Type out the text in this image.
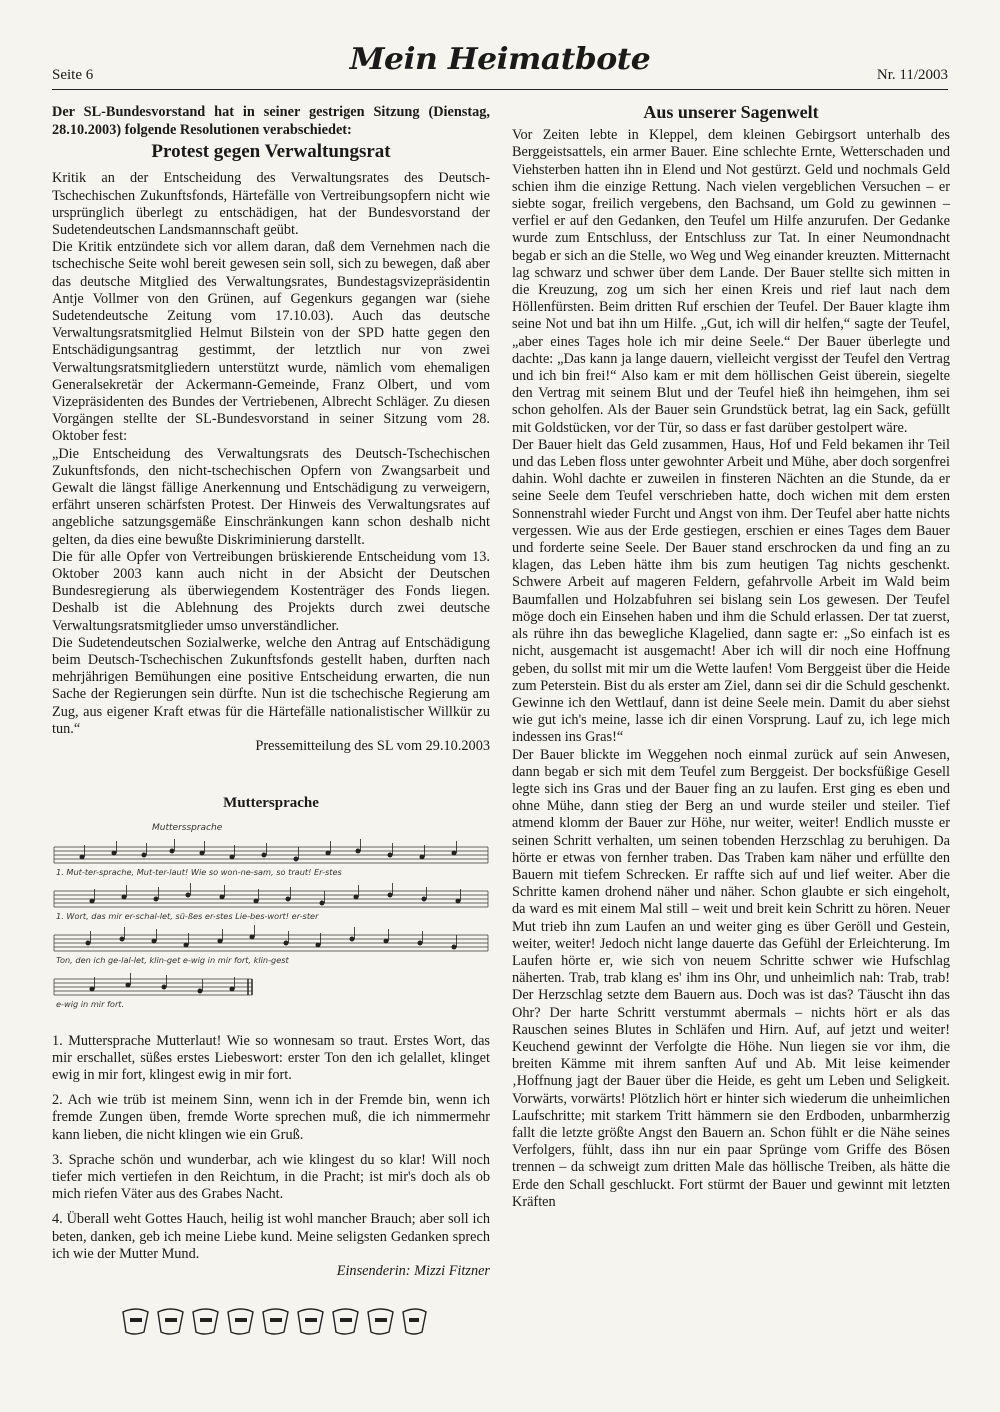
Seite 6	Mein Heimatbote	Nr. 11/2003

Der SL-Bundesvorstand hat in seiner gestrigen Sitzung (Dienstag, 28.10.2003) folgende Resolutionen verabschiedet:

Protest gegen Verwaltungsrat

Kritik an der Entscheidung des Verwaltungsrates des Deutsch-Tschechischen Zukunftsfonds, Härtefälle von Vertreibungsopfern nicht wie ursprünglich überlegt zu entschädigen, hat der Bundesvorstand der Sudetendeutschen Landsmannschaft geübt.

Die Kritik entzündete sich vor allem daran, daß dem Vernehmen nach die tschechische Seite wohl bereit gewesen sein soll, sich zu bewegen, daß aber das deutsche Mitglied des Verwaltungsrates, Bundestagsvizepräsidentin Antje Vollmer von den Grünen, auf Gegenkurs gegangen war (siehe Sudetendeutsche Zeitung vom 17.10.03). Auch das deutsche Verwaltungsratsmitglied Helmut Bilstein von der SPD hatte gegen den Entschädigungsantrag gestimmt, der letztlich nur von zwei Verwaltungsratsmitgliedern unterstützt wurde, nämlich vom ehemaligen Generalsekretär der Ackermann-Gemeinde, Franz Olbert, und vom Vizepräsidenten des Bundes der Vertriebenen, Albrecht Schläger. Zu diesen Vorgängen stellte der SL-Bundesvorstand in seiner Sitzung vom 28. Oktober fest:

„Die Entscheidung des Verwaltungsrats des Deutsch-Tschechischen Zukunftsfonds, den nicht-tschechischen Opfern von Zwangsarbeit und Gewalt die längst fällige Anerkennung und Entschädigung zu verweigern, erfährt unseren schärfsten Protest. Der Hinweis des Verwaltungsrates auf angebliche satzungsgemäße Einschränkungen kann schon deshalb nicht gelten, da dies eine bewußte Diskriminierung darstellt.

Die für alle Opfer von Vertreibungen brüskierende Entscheidung vom 13. Oktober 2003 kann auch nicht in der Absicht der Deutschen Bundesregierung als überwiegendem Kostenträger des Fonds liegen. Deshalb ist die Ablehnung des Projekts durch zwei deutsche Verwaltungsratsmitglieder umso unverständlicher.

Die Sudetendeutschen Sozialwerke, welche den Antrag auf Entschädigung beim Deutsch-Tschechischen Zukunftsfonds gestellt haben, durften nach mehrjährigen Bemühungen eine positive Entscheidung erwarten, die nun Sache der Regierungen sein dürfte. Nun ist die tschechische Regierung am Zug, aus eigener Kraft etwas für die Härtefälle nationalistischer Willkür zu tun.“

Pressemitteilung des SL vom 29.10.2003

Muttersprache
Mutterssprache
1. Mut-ter-sprache, Mut-ter-laut! Wie so won-ne-sam, so traut! Er-stes
1. Wort, das mir er-schal-let, sü-ßes er-stes Lie-bes-wort! er-ster
Ton, den ich ge-lal-let, klin-get e-wig in mir fort, klin-gest
e-wig in mir fort.

1. Muttersprache Mutterlaut! Wie so wonnesam so traut. Erstes Wort, das mir erschallet, süßes erstes Liebeswort: erster Ton den ich gelallet, klinget ewig in mir fort, klingest ewig in mir fort.

2. Ach wie trüb ist meinem Sinn, wenn ich in der Fremde bin, wenn ich fremde Zungen üben, fremde Worte sprechen muß, die ich nimmermehr kann lieben, die nicht klingen wie ein Gruß.

3. Sprache schön und wunderbar, ach wie klingest du so klar! Will noch tiefer mich vertiefen in den Reichtum, in die Pracht; ist mir's doch als ob mich riefen Väter aus des Grabes Nacht.

4. Überall weht Gottes Hauch, heilig ist wohl mancher Brauch; aber soll ich beten, danken, geb ich meine Liebe kund. Meine seligsten Gedanken sprech ich wie der Mutter Mund.

Einsenderin: Mizzi Fitzner

Aus unserer Sagenwelt

Vor Zeiten lebte in Kleppel, dem kleinen Gebirgsort unterhalb des Berggeistsattels, ein armer Bauer. Eine schlechte Ernte, Wetterschaden und Viehsterben hatten ihn in Elend und Not gestürzt. Geld und nochmals Geld schien ihm die einzige Rettung. Nach vielen vergeblichen Versuchen – er siebte sogar, freilich vergebens, den Bachsand, um Gold zu gewinnen – verfiel er auf den Gedanken, den Teufel um Hilfe anzurufen. Der Gedanke wurde zum Entschluss, der Entschluss zur Tat. In einer Neumondnacht begab er sich an die Stelle, wo Weg und Weg einander kreuzten. Mitternacht lag schwarz und schwer über dem Lande. Der Bauer stellte sich mitten in die Kreuzung, zog um sich her einen Kreis und rief laut nach dem Höllenfürsten. Beim dritten Ruf erschien der Teufel. Der Bauer klagte ihm seine Not und bat ihn um Hilfe. „Gut, ich will dir helfen,“ sagte der Teufel, „aber eines Tages hole ich mir deine Seele.“ Der Bauer überlegte und dachte: „Das kann ja lange dauern, vielleicht vergisst der Teufel den Vertrag und ich bin frei!“ Also kam er mit dem höllischen Geist überein, siegelte den Vertrag mit seinem Blut und der Teufel hieß ihn heimgehen, ihm sei schon geholfen. Als der Bauer sein Grundstück betrat, lag ein Sack, gefüllt mit Goldstücken, vor der Tür, so dass er fast darüber gestolpert wäre.

Der Bauer hielt das Geld zusammen, Haus, Hof und Feld bekamen ihr Teil und das Leben floss unter gewohnter Arbeit und Mühe, aber doch sorgenfrei dahin. Wohl dachte er zuweilen in finsteren Nächten an die Stunde, da er seine Seele dem Teufel verschrieben hatte, doch wichen mit dem ersten Sonnenstrahl wieder Furcht und Angst von ihm. Der Teufel aber hatte nichts vergessen. Wie aus der Erde gestiegen, erschien er eines Tages dem Bauer und forderte seine Seele. Der Bauer stand erschrocken da und fing an zu klagen, das Leben hätte ihm bis zum heutigen Tag nichts geschenkt. Schwere Arbeit auf mageren Feldern, gefahrvolle Arbeit im Wald beim Baumfallen und Holzabfuhren sei bislang sein Los gewesen. Der Teufel möge doch ein Einsehen haben und ihm die Schuld erlassen. Der tat zuerst, als rühre ihn das bewegliche Klagelied, dann sagte er: „So einfach ist es nicht, ausgemacht ist ausgemacht! Aber ich will dir noch eine Hoffnung geben, du sollst mit mir um die Wette laufen! Vom Berggeist über die Heide zum Peterstein. Bist du als erster am Ziel, dann sei dir die Schuld geschenkt. Gewinne ich den Wettlauf, dann ist deine Seele mein. Damit du aber siehst wie gut ich's meine, lasse ich dir einen Vorsprung. Lauf zu, ich lege mich indessen ins Gras!“

Der Bauer blickte im Weggehen noch einmal zurück auf sein Anwesen, dann begab er sich mit dem Teufel zum Berggeist. Der bocksfüßige Gesell legte sich ins Gras und der Bauer fing an zu laufen. Erst ging es eben und ohne Mühe, dann stieg der Berg an und wurde steiler und steiler. Tief atmend klomm der Bauer zur Höhe, nur weiter, weiter! Endlich musste er seinen Schritt verhalten, um seinen tobenden Herzschlag zu beruhigen. Da hörte er etwas von fernher traben. Das Traben kam näher und erfüllte den Bauern mit tiefem Schrecken. Er raffte sich auf und lief weiter. Aber die Schritte kamen drohend näher und näher. Schon glaubte er sich eingeholt, da ward es mit einem Mal still – weit und breit kein Schritt zu hören. Neuer Mut trieb ihn zum Laufen an und weiter ging es über Geröll und Gestein, weiter, weiter! Jedoch nicht lange dauerte das Gefühl der Erleichterung. Im Laufen hörte er, wie sich von neuem Schritte schwer wie Hufschlag näherten. Trab, trab klang es' ihm ins Ohr, und unheimlich nah: Trab, trab! Der Herzschlag setzte dem Bauern aus. Doch was ist das? Täuscht ihn das Ohr? Der harte Schritt verstummt abermals – nichts hört er als das Rauschen seines Blutes in Schläfen und Hirn. Auf, auf jetzt und weiter! Keuchend gewinnt der Verfolgte die Höhe. Nun liegen sie vor ihm, die breiten Kämme mit ihrem sanften Auf und Ab. Mit leise keimender ‚Hoffnung jagt der Bauer über die Heide, es geht um Leben und Seligkeit. Vorwärts, vorwärts! Plötzlich hört er hinter sich wiederum die unheimlichen Laufschritte; mit starkem Tritt hämmern sie den Erdboden, unbarmherzig fallt die letzte größte Angst den Bauern an. Schon fühlt er die Nähe seines Verfolgers, fühlt, dass ihn nur ein paar Sprünge vom Griffe des Bösen trennen – da schweigt zum dritten Male das höllische Treiben, als hätte die Erde den Schall geschluckt. Fort stürmt der Bauer und gewinnt mit letzten Kräften
